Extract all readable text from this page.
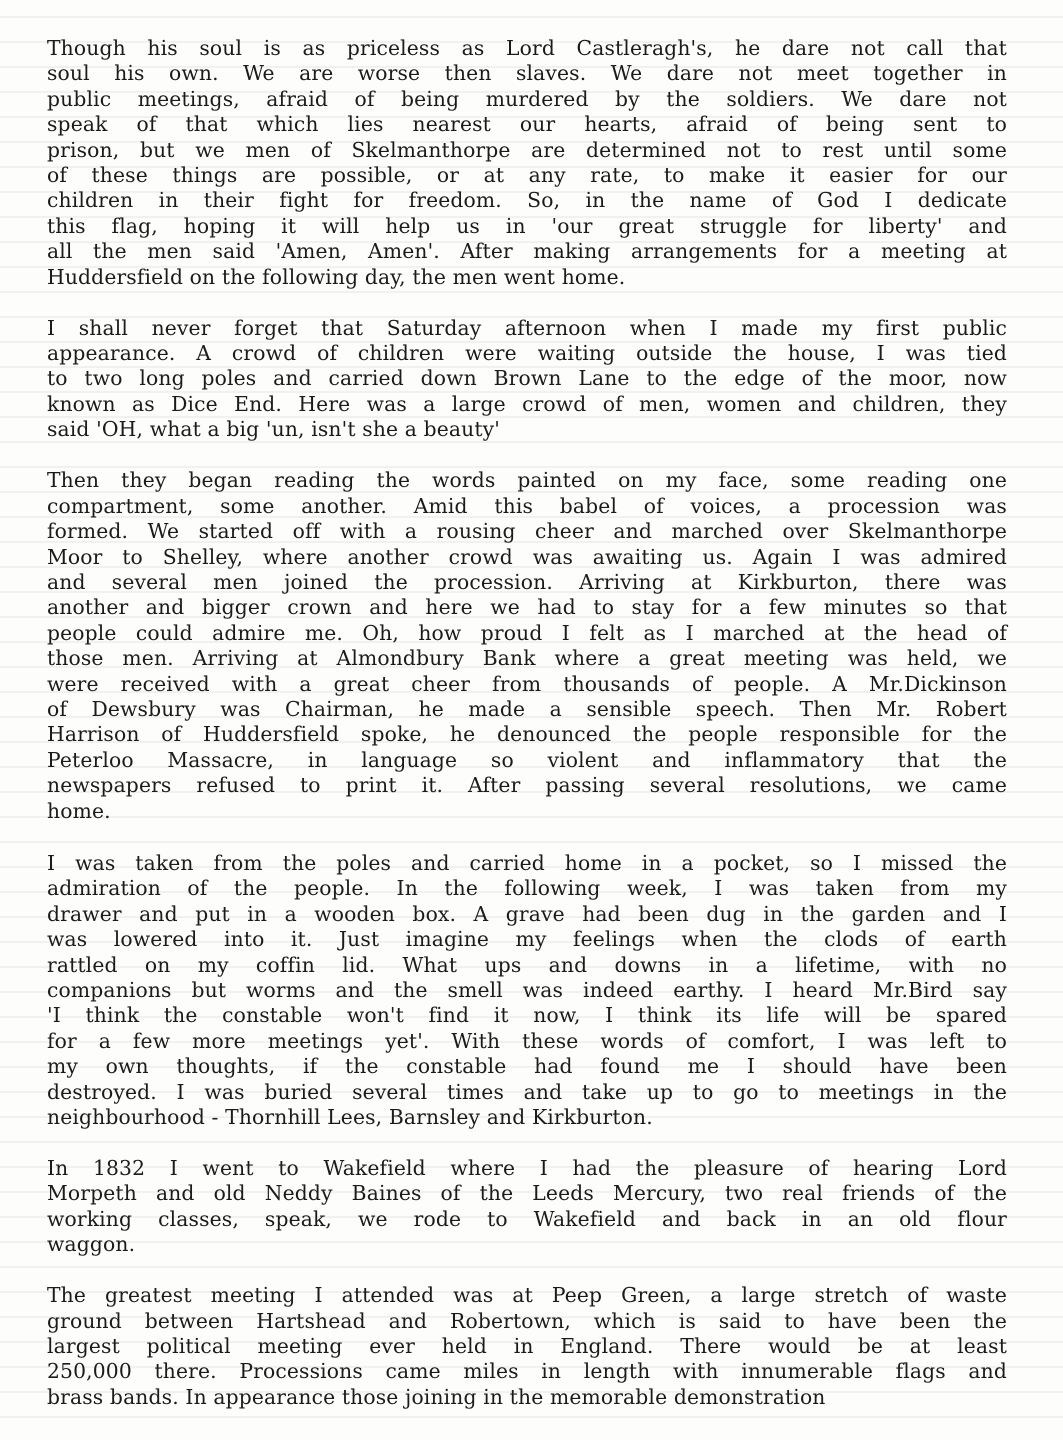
Though his soul is as priceless as Lord Castleragh's, he dare not call that
soul his own. We are worse then slaves. We dare not meet together in
public meetings, afraid of being murdered by the soldiers. We dare not
speak of that which lies nearest our hearts, afraid of being sent to
prison, but we men of Skelmanthorpe are determined not to rest until some
of these things are possible, or at any rate, to make it easier for our
children in their fight for freedom. So, in the name of God I dedicate
this flag, hoping it will help us in 'our great struggle for liberty' and
all the men said 'Amen, Amen'. After making arrangements for a meeting at
Huddersfield on the following day, the men went home.
I shall never forget that Saturday afternoon when I made my first public
appearance. A crowd of children were waiting outside the house, I was tied
to two long poles and carried down Brown Lane to the edge of the moor, now
known as Dice End. Here was a large crowd of men, women and children, they
said 'OH, what a big 'un, isn't she a beauty'
Then they began reading the words painted on my face, some reading one
compartment, some another. Amid this babel of voices, a procession was
formed. We started off with a rousing cheer and marched over Skelmanthorpe
Moor to Shelley, where another crowd was awaiting us. Again I was admired
and several men joined the procession. Arriving at Kirkburton, there was
another and bigger crown and here we had to stay for a few minutes so that
people could admire me. Oh, how proud I felt as I marched at the head of
those men. Arriving at Almondbury Bank where a great meeting was held, we
were received with a great cheer from thousands of people. A Mr.Dickinson
of Dewsbury was Chairman, he made a sensible speech. Then Mr. Robert
Harrison of Huddersfield spoke, he denounced the people responsible for the
Peterloo Massacre, in language so violent and inflammatory that the
newspapers refused to print it. After passing several resolutions, we came
home.
I was taken from the poles and carried home in a pocket, so I missed the
admiration of the people. In the following week, I was taken from my
drawer and put in a wooden box. A grave had been dug in the garden and I
was lowered into it. Just imagine my feelings when the clods of earth
rattled on my coffin lid. What ups and downs in a lifetime, with no
companions but worms and the smell was indeed earthy. I heard Mr.Bird say
'I think the constable won't find it now, I think its life will be spared
for a few more meetings yet'. With these words of comfort, I was left to
my own thoughts, if the constable had found me I should have been
destroyed. I was buried several times and take up to go to meetings in the
neighbourhood - Thornhill Lees, Barnsley and Kirkburton.
In 1832 I went to Wakefield where I had the pleasure of hearing Lord
Morpeth and old Neddy Baines of the Leeds Mercury, two real friends of the
working classes, speak, we rode to Wakefield and back in an old flour
waggon.
The greatest meeting I attended was at Peep Green, a large stretch of waste
ground between Hartshead and Robertown, which is said to have been the
largest political meeting ever held in England. There would be at least
250,000 there. Processions came miles in length with innumerable flags and
brass bands. In appearance those joining in the memorable demonstration
